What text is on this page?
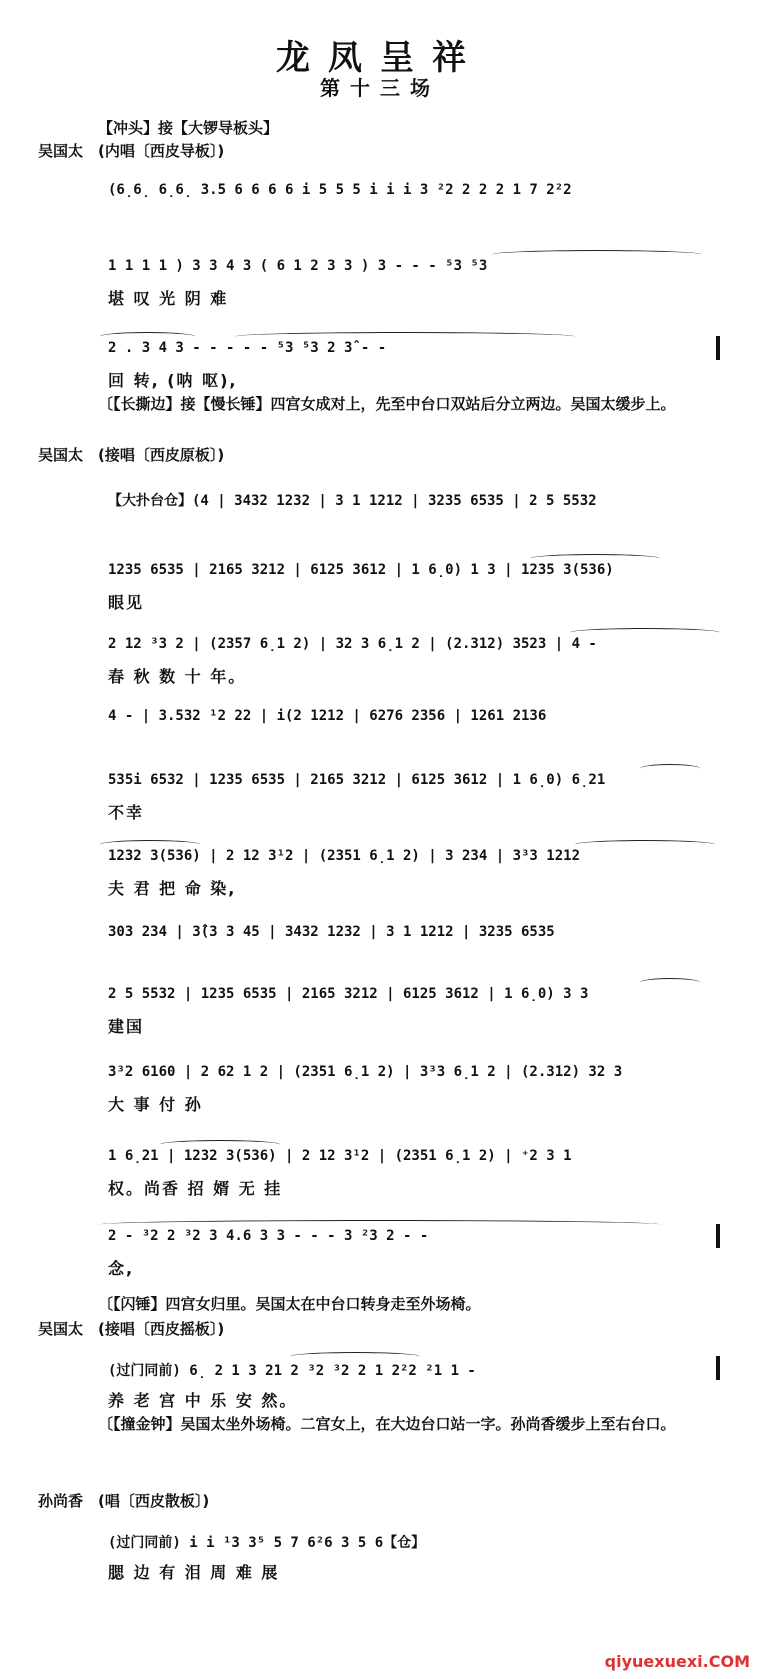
龙凤呈祥
第十三场
【冲头】接【大锣导板头】
吴国太 (内唱〔西皮导板〕)
(6̣6̣ 6̣6̣ 3.5 6 6 6 6 i 5 5 5 i i i 3 ²2 2 2 2 1 7 2²2
1 1 1 1 ) 3 3 4 3 ( 6 1 2 3 3 ) 3 - - - ⁵3 ⁵3
堪 叹 光 阴 难
2 . 3 4 3 - - - - - ⁵3 ⁵3 2 3̂ - -
回 转, (呐 呕),
〔【长撕边】接【慢长锤】四宫女成对上，先至中台口双站后分立两边。吴国太缓步上。
吴国太 (接唱〔西皮原板〕)
【大扑台仓】(4 | 3432 1232 | 3 1 1212 | 3235 6535 | 2 5 5532
1235 6535 | 2165 3212 | 6125 3612 | 1 6̣0) 1 3 | 1235 3(536)
眼见
2 12 ³3 2 | (2357 6̣1 2) | 32 3 6̣1 2 | (2.312) 3523 | 4 -
春 秋 数 十 年。
4 - | 3.532 ¹2 22 | i(2 1212 | 6276 2356 | 1261 2136
535i 6532 | 1235 6535 | 2165 3212 | 6125 3612 | 1 6̣0) 6̣21
不幸
1232 3(536) | 2 12 3¹2 | (2351 6̣1 2) | 3 234 | 3³3 1212
夫 君 把 命 染,
303 234 | 3̂(3 3 45 | 3432 1232 | 3 1 1212 | 3235 6535
2 5 5532 | 1235 6535 | 2165 3212 | 6125 3612 | 1 6̣0) 3 3
建国
3³2 6160 | 2 62 1 2 | (2351 6̣1 2) | 3³3 6̣1 2 | (2.312) 32 3
大 事 付 孙
1 6̣21 | 1232 3(536) | 2 12 3¹2 | (2351 6̣1 2) | ⁺2 3 1
权。尚香 招 婿 无 挂
2 - ³2 2 ³2 3 4.6 3 3 - - - 3 ²3 2 - -
念,
〔【闪锤】四宫女归里。吴国太在中台口转身走至外场椅。
吴国太 (接唱〔西皮摇板〕)
(过门同前) 6̣ 2 1 3 21 2 ³2 ³2 2 1 2²2 ²1 1 -
养 老 宫 中 乐 安 然。
〔【撞金钟】吴国太坐外场椅。二宫女上，在大边台口站一字。孙尚香缓步上至右台口。
孙尚香 (唱〔西皮散板〕)
(过门同前) i i ¹3 3⁵ 5 7 6²6 3 5 6【仓】
腮 边 有 泪 周 难 展
qiyuexuexi.COM
